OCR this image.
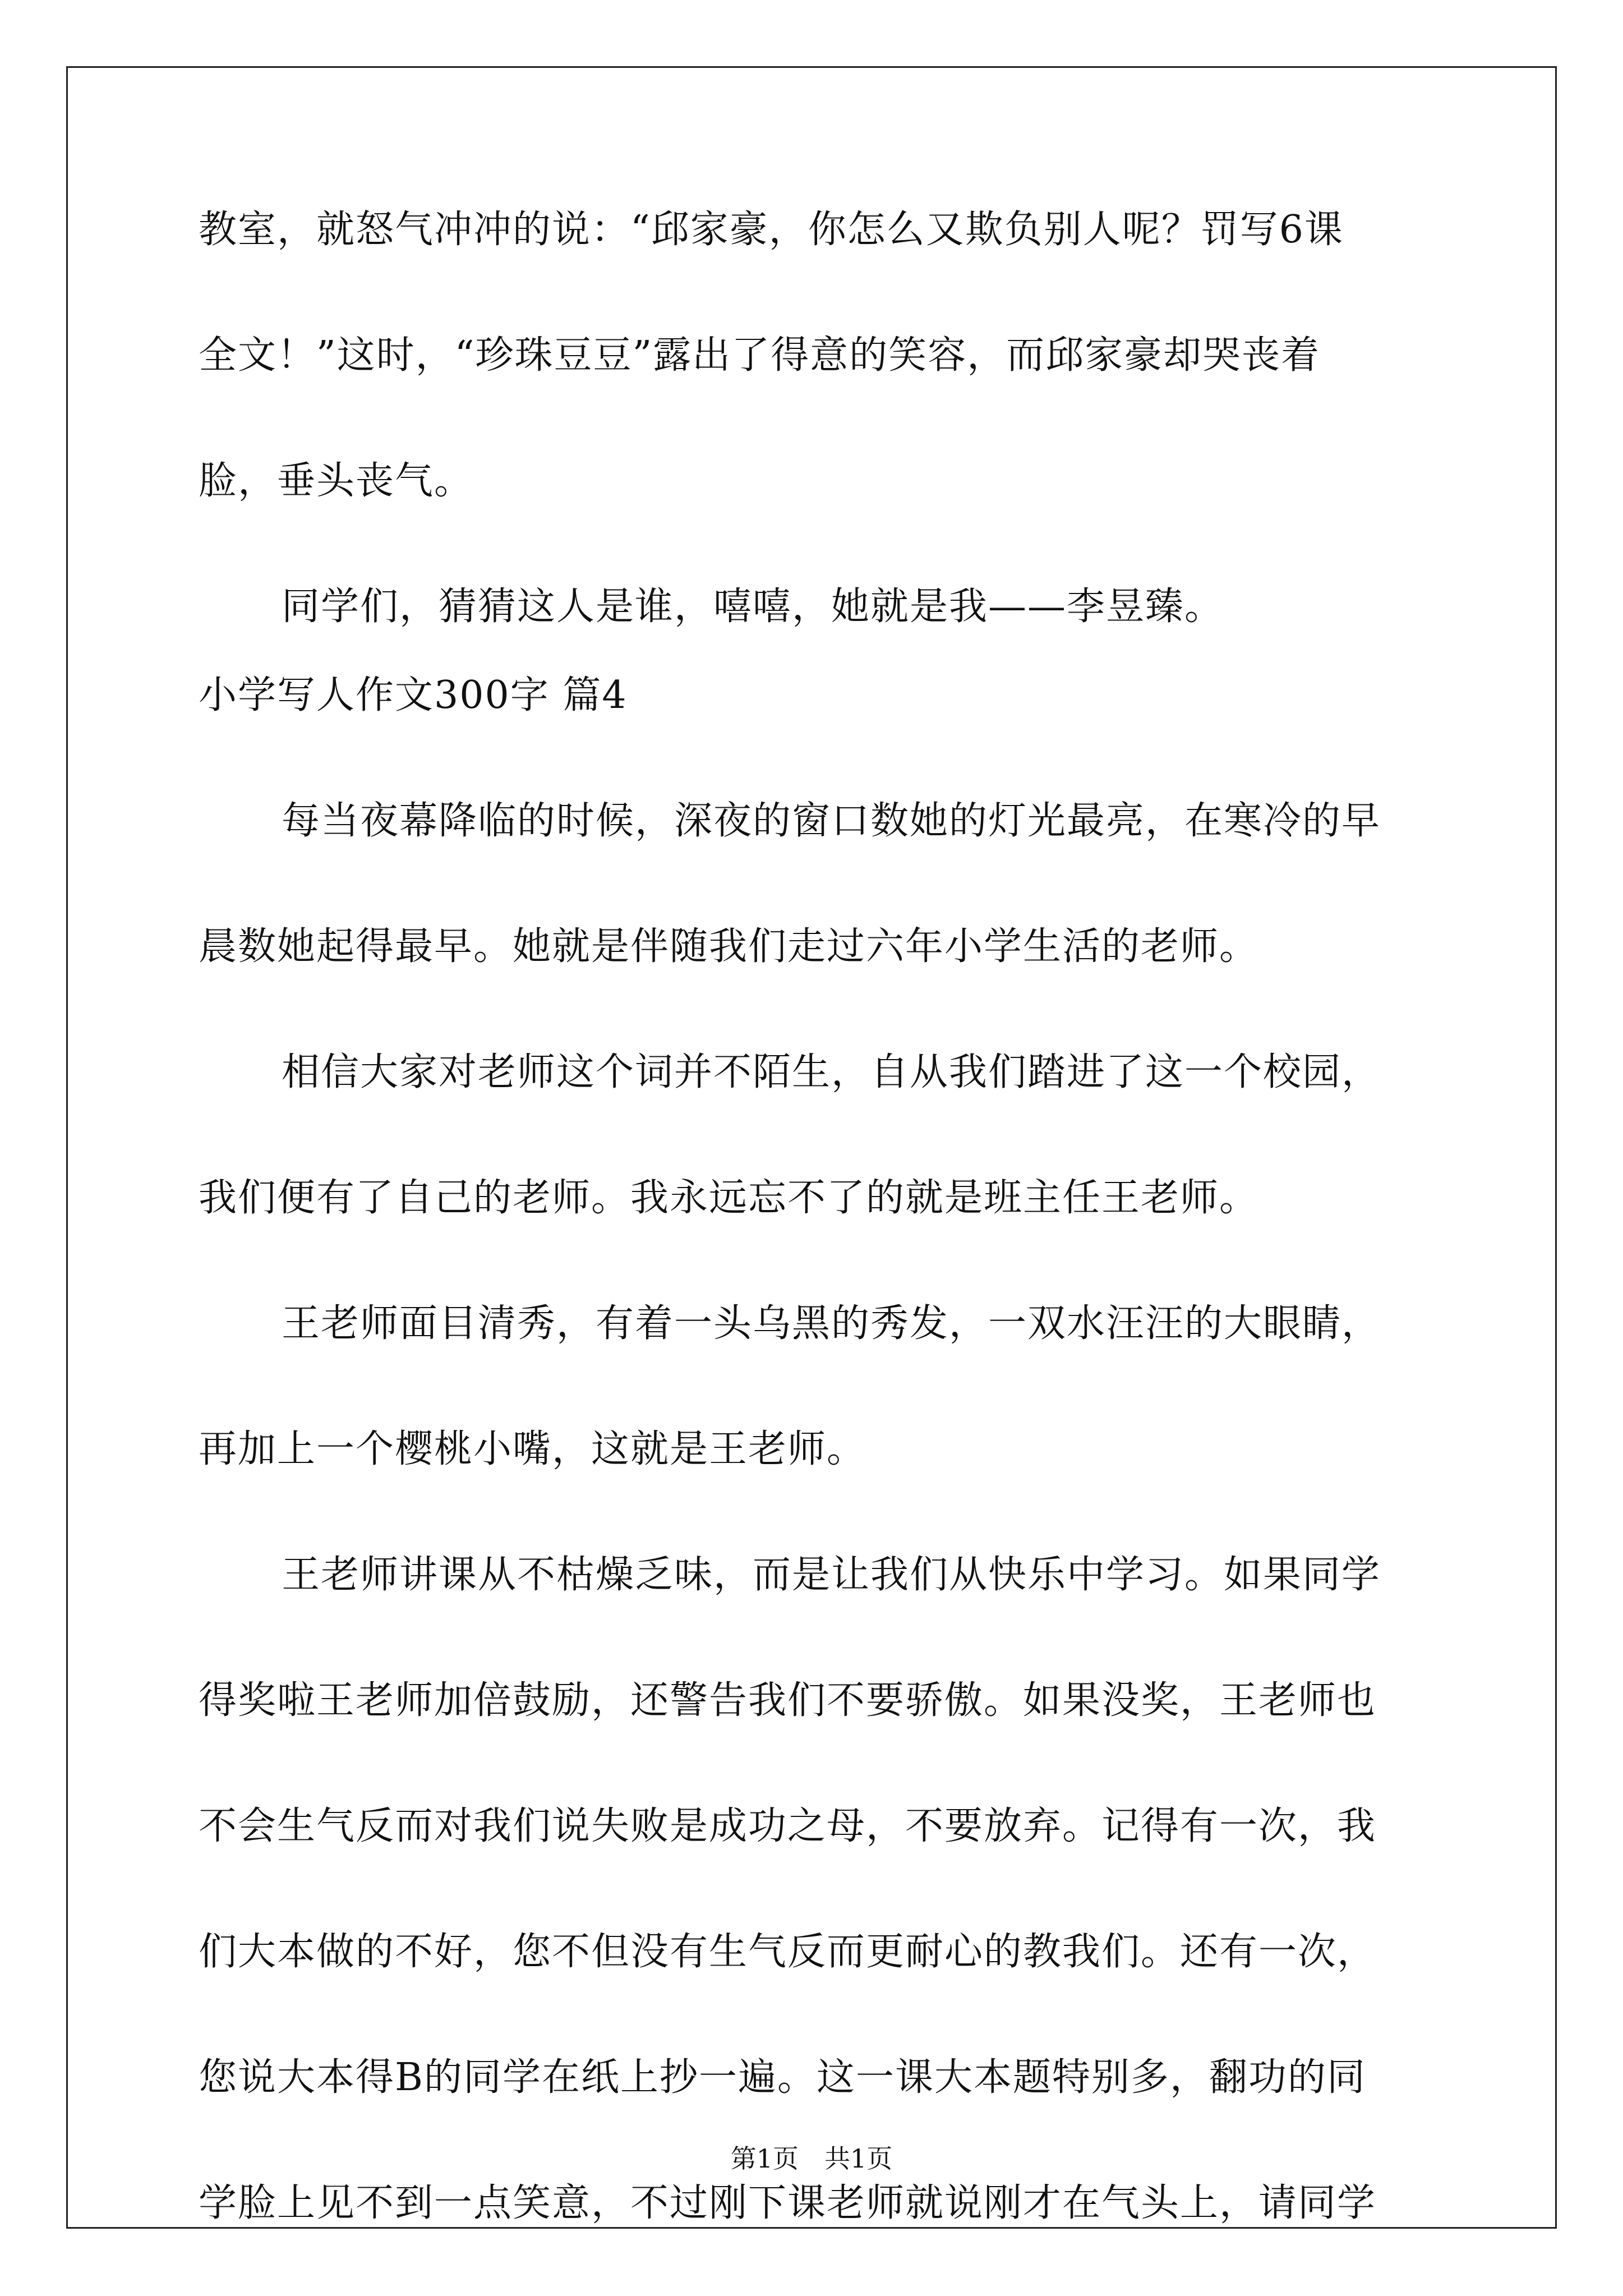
教室，就怒气冲冲的说：“邱家豪，你怎么又欺负别人呢？罚写6课
全文！”这时，“珍珠豆豆”露出了得意的笑容，而邱家豪却哭丧着
脸，垂头丧气。
同学们，猜猜这人是谁，嘻嘻，她就是我——李昱臻。
小学写人作文300字 篇4
每当夜幕降临的时候，深夜的窗口数她的灯光最亮，在寒冷的早
晨数她起得最早。她就是伴随我们走过六年小学生活的老师。
相信大家对老师这个词并不陌生，自从我们踏进了这一个校园，
我们便有了自己的老师。我永远忘不了的就是班主任王老师。
王老师面目清秀，有着一头乌黑的秀发，一双水汪汪的大眼睛，
再加上一个樱桃小嘴，这就是王老师。
王老师讲课从不枯燥乏味，而是让我们从快乐中学习。如果同学
得奖啦王老师加倍鼓励，还警告我们不要骄傲。如果没奖，王老师也
不会生气反而对我们说失败是成功之母，不要放弃。记得有一次，我
们大本做的不好，您不但没有生气反而更耐心的教我们。还有一次，
您说大本得B的同学在纸上抄一遍。这一课大本题特别多，翻功的同
学脸上见不到一点笑意，不过刚下课老师就说刚才在气头上，请同学
第1页　共1页
